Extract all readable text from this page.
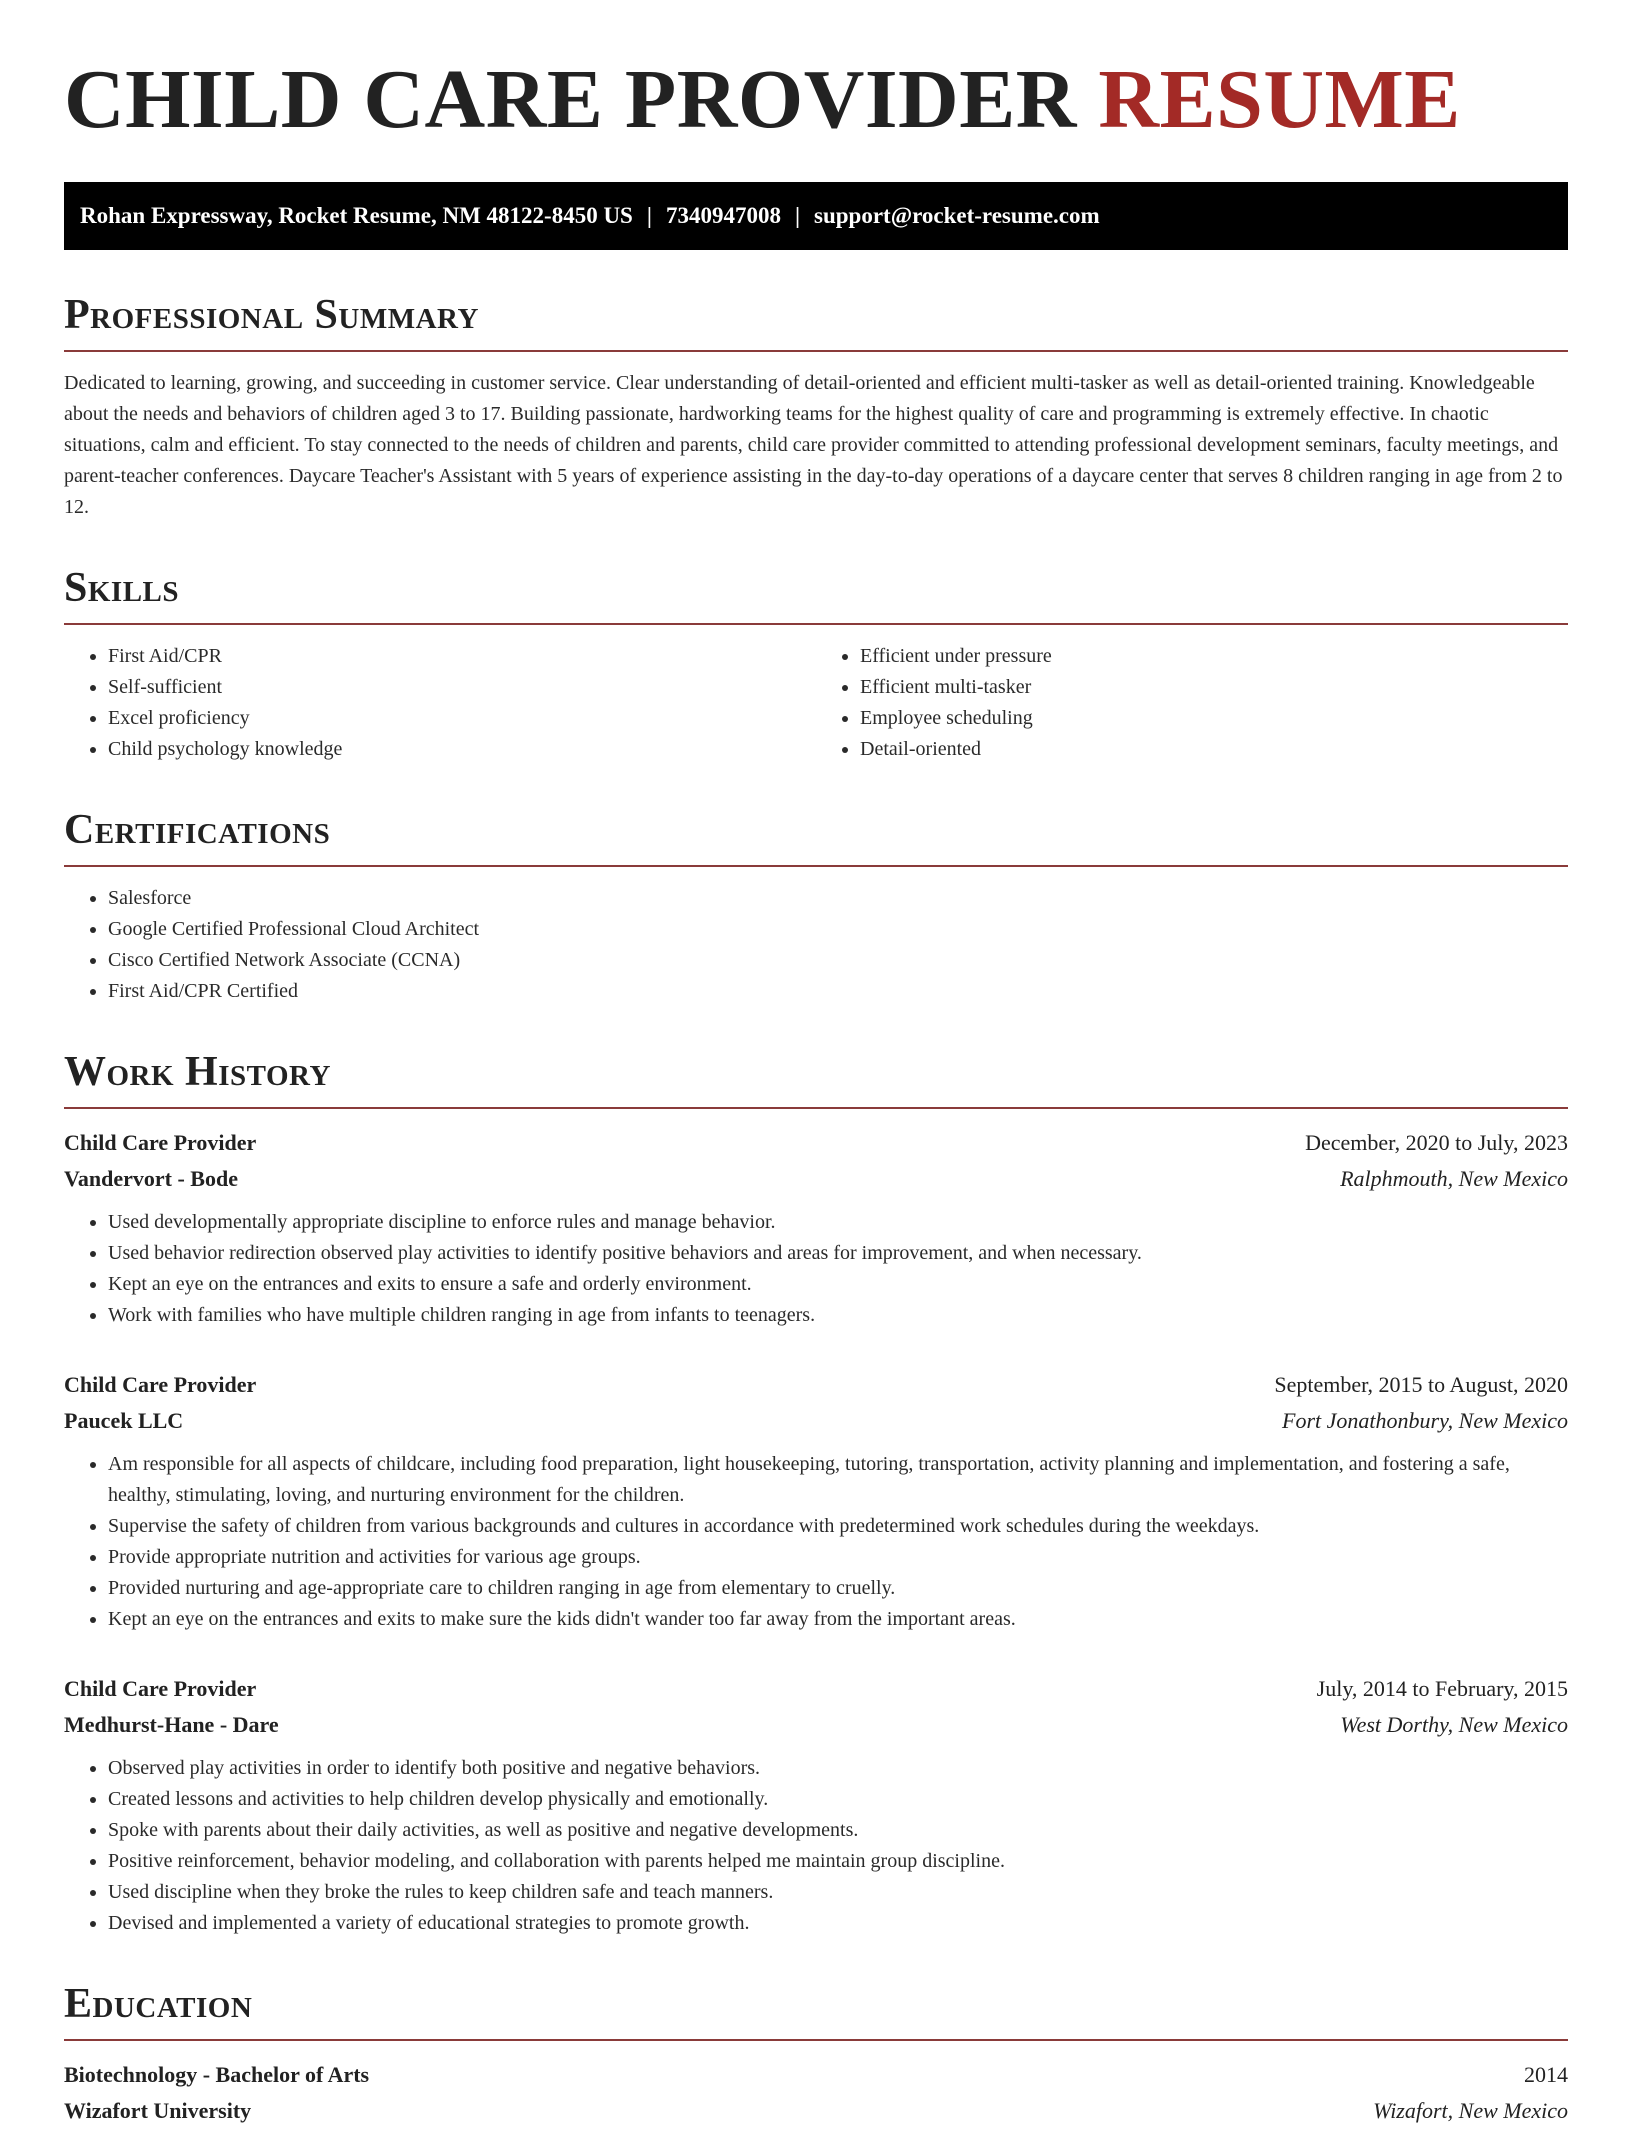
CHILD CARE PROVIDER RESUME
Rohan Expressway, Rocket Resume, NM 48122-8450 US | 7340947008 | support@rocket-resume.com
Professional Summary

Dedicated to learning, growing, and succeeding in customer service. Clear understanding of detail-oriented and efficient multi-tasker as well as detail-oriented training. Knowledgeable about the needs and behaviors of children aged 3 to 17. Building passionate, hardworking teams for the highest quality of care and programming is extremely effective. In chaotic situations, calm and efficient. To stay connected to the needs of children and parents, child care provider committed to attending professional development seminars, faculty meetings, and parent-teacher conferences. Daycare Teacher's Assistant with 5 years of experience assisting in the day-to-day operations of a daycare center that serves 8 children ranging in age from 2 to 12.

Skills
• First Aid/CPR
• Self-sufficient
• Excel proficiency
• Child psychology knowledge
• Efficient under pressure
• Efficient multi-tasker
• Employee scheduling
• Detail-oriented
Certifications
• Salesforce
• Google Certified Professional Cloud Architect
• Cisco Certified Network Associate (CCNA)
• First Aid/CPR Certified
Work History
Child Care Provider	December, 2020 to July, 2023
Vandervort - Bode	Ralphmouth, New Mexico
• Used developmentally appropriate discipline to enforce rules and manage behavior.
• Used behavior redirection observed play activities to identify positive behaviors and areas for improvement, and when necessary.
• Kept an eye on the entrances and exits to ensure a safe and orderly environment.
• Work with families who have multiple children ranging in age from infants to teenagers.
Child Care Provider	September, 2015 to August, 2020
Paucek LLC	Fort Jonathonbury, New Mexico
• Am responsible for all aspects of childcare, including food preparation, light housekeeping, tutoring, transportation, activity planning and implementation, and fostering a safe, healthy, stimulating, loving, and nurturing environment for the children.
• Supervise the safety of children from various backgrounds and cultures in accordance with predetermined work schedules during the weekdays.
• Provide appropriate nutrition and activities for various age groups.
• Provided nurturing and age-appropriate care to children ranging in age from elementary to cruelly.
• Kept an eye on the entrances and exits to make sure the kids didn't wander too far away from the important areas.
Child Care Provider	July, 2014 to February, 2015
Medhurst-Hane - Dare	West Dorthy, New Mexico
• Observed play activities in order to identify both positive and negative behaviors.
• Created lessons and activities to help children develop physically and emotionally.
• Spoke with parents about their daily activities, as well as positive and negative developments.
• Positive reinforcement, behavior modeling, and collaboration with parents helped me maintain group discipline.
• Used discipline when they broke the rules to keep children safe and teach manners.
• Devised and implemented a variety of educational strategies to promote growth.
Education
Biotechnology - Bachelor of Arts	2014
Wizafort University	Wizafort, New Mexico
